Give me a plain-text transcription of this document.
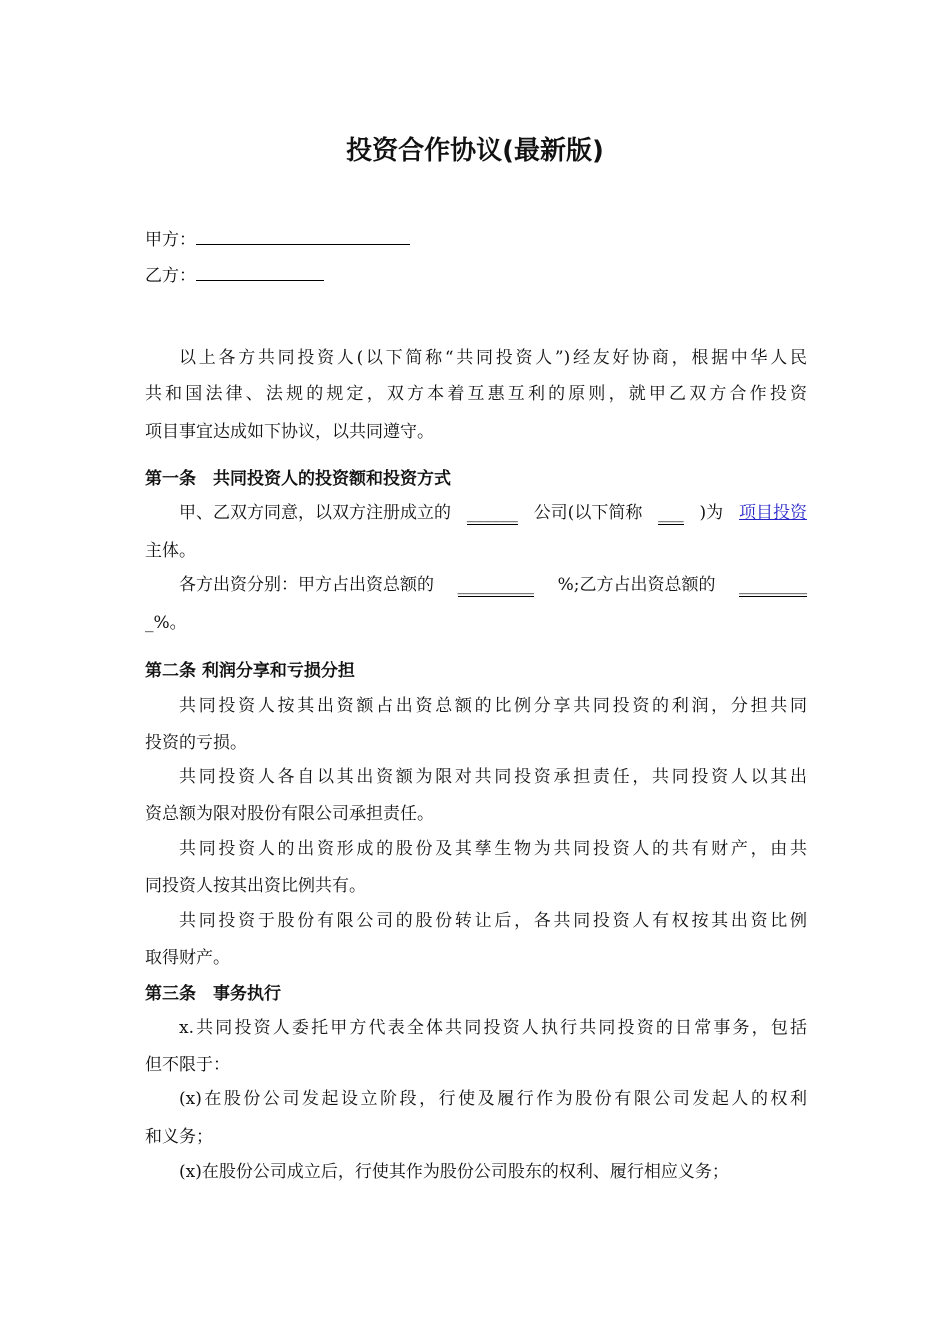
投资合作协议(最新版)
甲方：
乙方：
以上各方共同投资人(以下简称“共同投资人”)经友好协商，根据中华人民
共和国法律、法规的规定，双方本着互惠互利的原则，就甲乙双方合作投资
项目事宜达成如下协议，以共同遵守。
第一条　共同投资人的投资额和投资方式
甲、乙双方同意，以双方注册成立的 ______ 公司(以下简称 ___ )为 项目投资
主体。
各方出资分别：甲方占出资总额的 _________ %;乙方占出资总额的 ________
_%。
第二条 利润分享和亏损分担
共同投资人按其出资额占出资总额的比例分享共同投资的利润，分担共同
投资的亏损。
共同投资人各自以其出资额为限对共同投资承担责任，共同投资人以其出
资总额为限对股份有限公司承担责任。
共同投资人的出资形成的股份及其孳生物为共同投资人的共有财产，由共
同投资人按其出资比例共有。
共同投资于股份有限公司的股份转让后，各共同投资人有权按其出资比例
取得财产。
第三条　事务执行
x.共同投资人委托甲方代表全体共同投资人执行共同投资的日常事务，包括
但不限于：
(x)在股份公司发起设立阶段，行使及履行作为股份有限公司发起人的权利
和义务；
(x)在股份公司成立后，行使其作为股份公司股东的权利、履行相应义务；
